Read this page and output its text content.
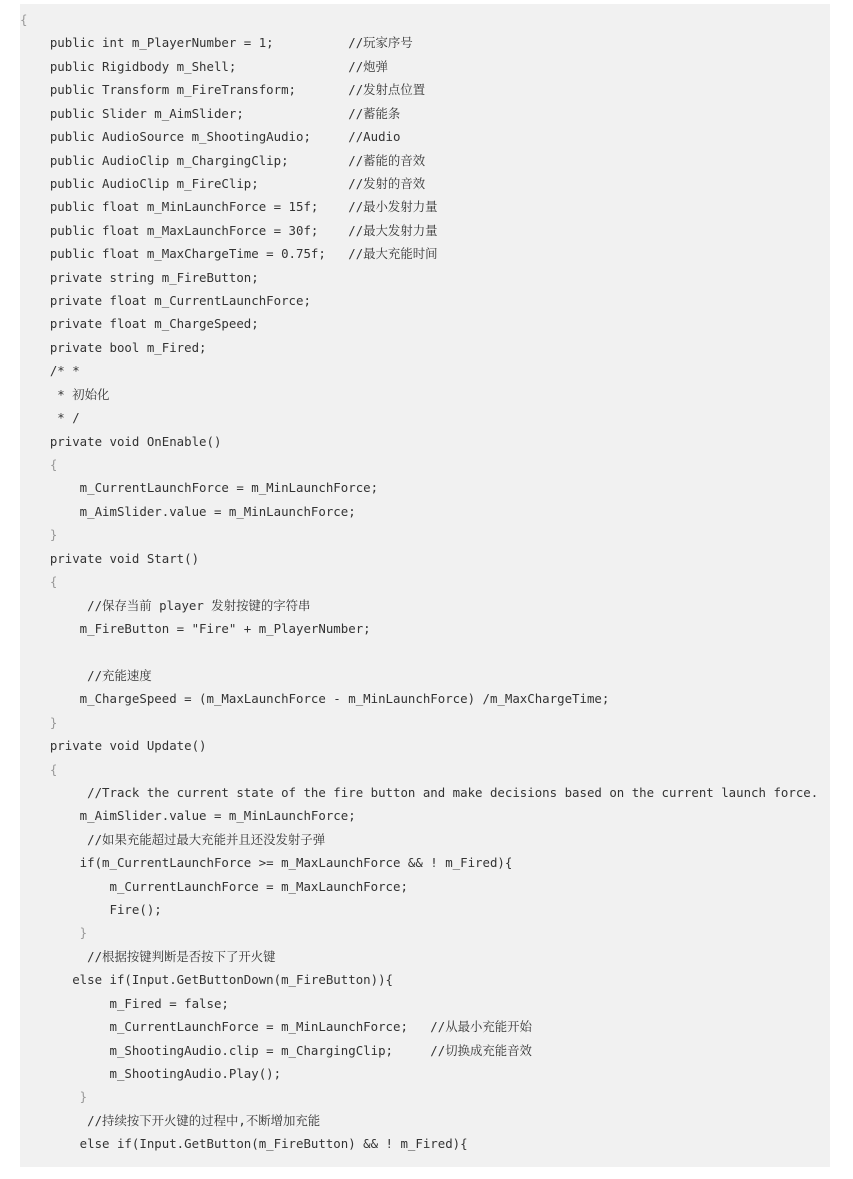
{
public int m_PlayerNumber = 1;          //玩家序号
public Rigidbody m_Shell;               //炮弹
public Transform m_FireTransform;       //发射点位置
public Slider m_AimSlider;              //蓄能条
public AudioSource m_ShootingAudio;     //Audio
public AudioClip m_ChargingClip;        //蓄能的音效
public AudioClip m_FireClip;            //发射的音效
public float m_MinLaunchForce = 15f;    //最小发射力量
public float m_MaxLaunchForce = 30f;    //最大发射力量
public float m_MaxChargeTime = 0.75f;   //最大充能时间
private string m_FireButton;
private float m_CurrentLaunchForce;
private float m_ChargeSpeed;
private bool m_Fired;
/* *
* 初始化
* /
private void OnEnable()
{
m_CurrentLaunchForce = m_MinLaunchForce;
m_AimSlider.value = m_MinLaunchForce;
}
private void Start()
{
//保存当前 player 发射按键的字符串
m_FireButton = "Fire" + m_PlayerNumber;
//充能速度
m_ChargeSpeed = (m_MaxLaunchForce - m_MinLaunchForce) /m_MaxChargeTime;
}
private void Update()
{
//Track the current state of the fire button and make decisions based on the current launch force.
m_AimSlider.value = m_MinLaunchForce;
//如果充能超过最大充能并且还没发射子弹
if(m_CurrentLaunchForce >= m_MaxLaunchForce && ! m_Fired){
m_CurrentLaunchForce = m_MaxLaunchForce;
Fire();
}
//根据按键判断是否按下了开火键
else if(Input.GetButtonDown(m_FireButton)){
m_Fired = false;
m_CurrentLaunchForce = m_MinLaunchForce;   //从最小充能开始
m_ShootingAudio.clip = m_ChargingClip;     //切换成充能音效
m_ShootingAudio.Play();
}
//持续按下开火键的过程中,不断增加充能
else if(Input.GetButton(m_FireButton) && ! m_Fired){
